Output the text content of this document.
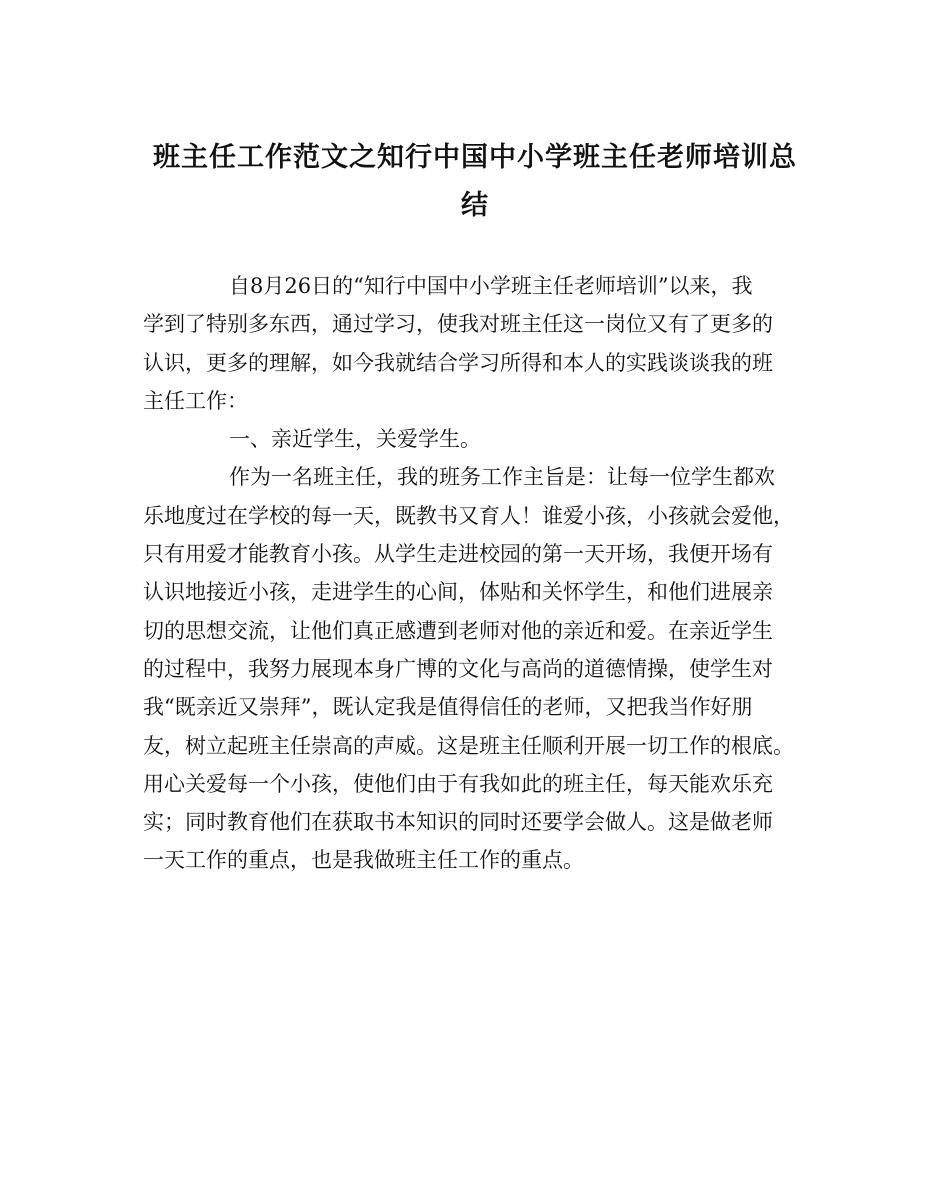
班主任工作范文之知行中国中小学班主任老师培训总
结
自8月26日的“知行中国中小学班主任老师培训”以来，我
学到了特别多东西，通过学习，使我对班主任这一岗位又有了更多的
认识，更多的理解，如今我就结合学习所得和本人的实践谈谈我的班
主任工作：
一、亲近学生，关爱学生。
作为一名班主任，我的班务工作主旨是：让每一位学生都欢
乐地度过在学校的每一天，既教书又育人！谁爱小孩，小孩就会爱他，
只有用爱才能教育小孩。从学生走进校园的第一天开场，我便开场有
认识地接近小孩，走进学生的心间，体贴和关怀学生，和他们进展亲
切的思想交流，让他们真正感遭到老师对他的亲近和爱。在亲近学生
的过程中，我努力展现本身广博的文化与高尚的道德情操，使学生对
我“既亲近又崇拜”，既认定我是值得信任的老师，又把我当作好朋
友，树立起班主任崇高的声威。这是班主任顺利开展一切工作的根底。
用心关爱每一个小孩，使他们由于有我如此的班主任，每天能欢乐充
实；同时教育他们在获取书本知识的同时还要学会做人。这是做老师
一天工作的重点，也是我做班主任工作的重点。
